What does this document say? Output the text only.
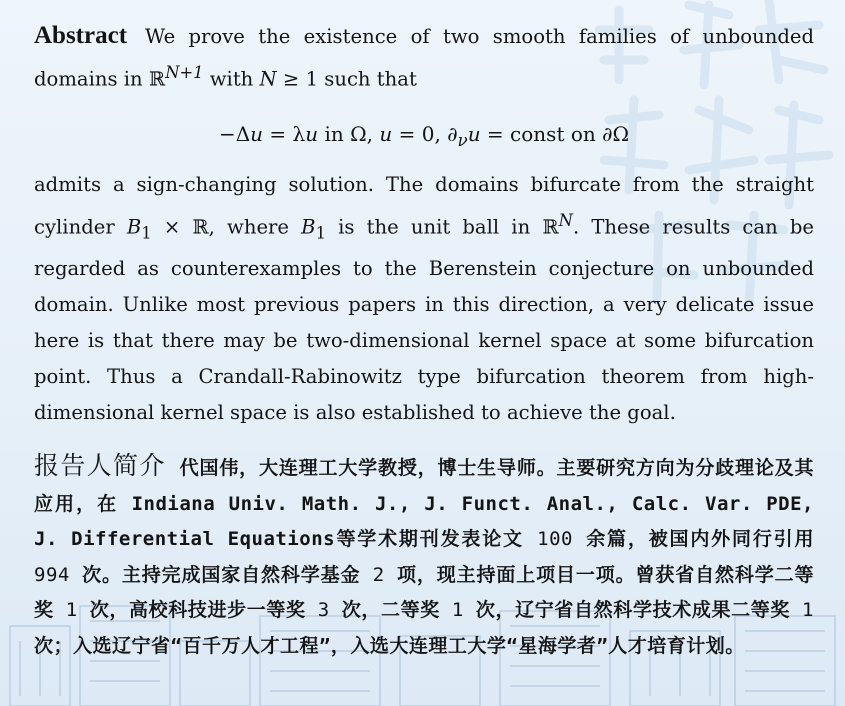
Abstract We prove the existence of two smooth families of unbounded domains in ℝ$^{N+1}$ with N ≥ 1 such that

−Δu = λu in Ω, u = 0, $\partial_\nu u$ = const on ∂Ω

admits a sign-changing solution. The domains bifurcate from the straight cylinder $B_1$ × ℝ, where $B_1$ is the unit ball in ℝ$^N$. These results can be regarded as counterexamples to the Berenstein conjecture on unbounded domain. Unlike most previous papers in this direction, a very delicate issue here is that there may be two-dimensional kernel space at some bifurcation point. Thus a Crandall-Rabinowitz type bifurcation theorem from high-dimensional kernel space is also established to achieve the goal.

报告人简介 代国伟，大连理工大学教授，博士生导师。主要研究方向为分歧理论及其应用，在 Indiana Univ. Math. J., J. Funct. Anal., Calc. Var. PDE, J. Differential Equations等学术期刊发表论文 100 余篇，被国内外同行引用 994 次。主持完成国家自然科学基金 2 项，现主持面上项目一项。曾获省自然科学二等奖 1 次，高校科技进步一等奖 3 次，二等奖 1 次，辽宁省自然科学技术成果二等奖 1 次；入选辽宁省“百千万人才工程”，入选大连理工大学“星海学者”人才培育计划。
